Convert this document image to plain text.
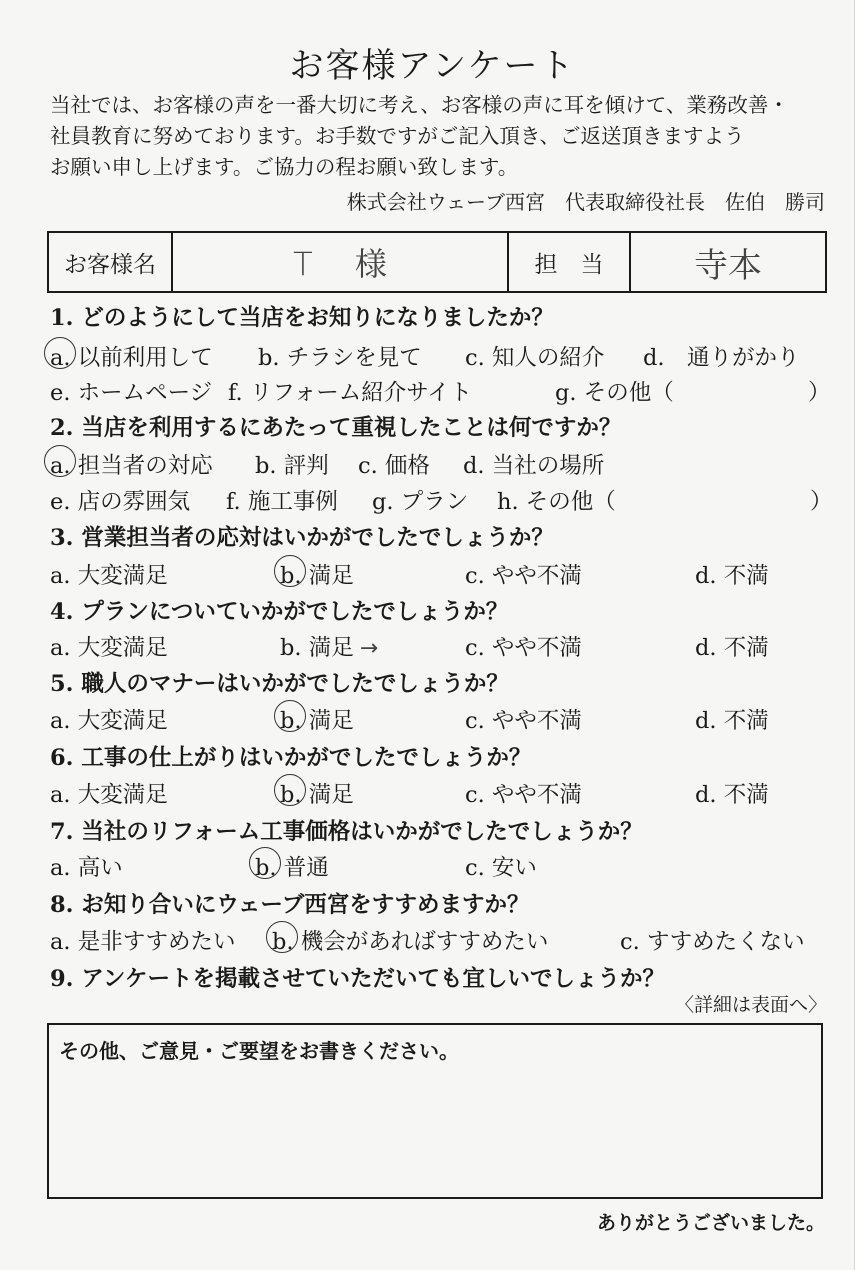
お客様アンケート
当社では、お客様の声を一番大切に考え、お客様の声に耳を傾けて、業務改善・
社員教育に努めております。お手数ですがご記入頂き、ご返送頂きますよう
お願い申し上げます。ご協力の程お願い致します。
株式会社ウェーブ西宮　代表取締役社長　佐伯　勝司
お客様名	T　 様	担　当	寺本
1. どのようにして当店をお知りになりましたか？
a. 以前利用して b. チラシを見て c. 知人の紹介 d.　通りがかり
e. ホームページ f. リフォーム紹介サイト	g. その他（	）
2. 当店を利用するにあたって重視したことは何ですか？
a. 担当者の対応 b. 評判 c. 価格 d. 当社の場所
e. 店の雰囲気 f. 施工事例 g. プラン h. その他（	）
3. 営業担当者の応対はいかがでしたでしょうか？
a. 大変満足	b. 満足	c. やや不満	d. 不満
4. プランについていかがでしたでしょうか？
a. 大変満足	b. 満足 →	c. やや不満	d. 不満
5. 職人のマナーはいかがでしたでしょうか？
a. 大変満足	b. 満足	c. やや不満	d. 不満
6. 工事の仕上がりはいかがでしたでしょうか？
a. 大変満足	b. 満足	c. やや不満	d. 不満
7. 当社のリフォーム工事価格はいかがでしたでしょうか？
a. 高い	b. 普通	c. 安い
8. お知り合いにウェーブ西宮をすすめますか？
a. 是非すすめたい b. 機会があればすすめたい	c. すすめたくない
9. アンケートを掲載させていただいても宜しいでしょうか？
〈詳細は表面へ〉
その他、ご意見・ご要望をお書きください。
ありがとうございました。
